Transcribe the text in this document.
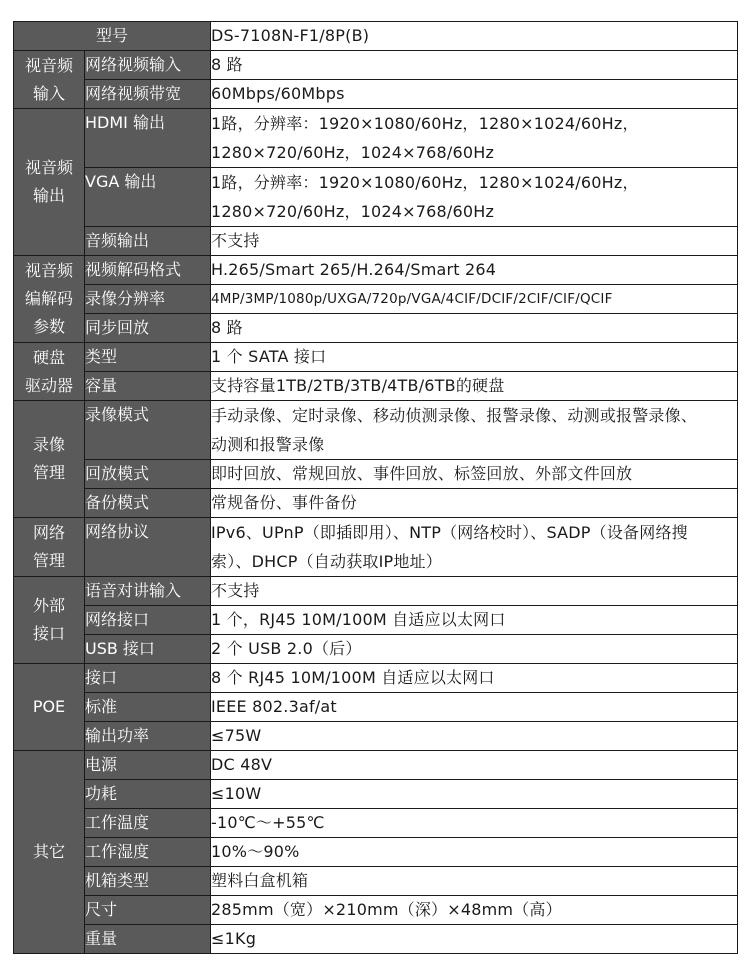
型号		DS-7108N-F1/8P(B)
视音频
输入	网络视频输入	8 路
	网络视频带宽	60Mbps/60Mbps
视音频
输出	HDMI 输出	1路，分辨率：1920×1080/60Hz，1280×1024/60Hz，
1280×720/60Hz，1024×768/60Hz
	VGA 输出	1路，分辨率：1920×1080/60Hz，1280×1024/60Hz，
1280×720/60Hz，1024×768/60Hz
	音频输出	不支持
视音频
编解码
参数	视频解码格式	H.265/Smart 265/H.264/Smart 264
	录像分辨率	4MP/3MP/1080p/UXGA/720p/VGA/4CIF/DCIF/2CIF/CIF/QCIF
	同步回放	8 路
硬盘
驱动器	类型	1 个 SATA 接口
	容量	支持容量1TB/2TB/3TB/4TB/6TB的硬盘
录像
管理	录像模式	手动录像、定时录像、移动侦测录像、报警录像、动测或报警录像、
动测和报警录像
	回放模式	即时回放、常规回放、事件回放、标签回放、外部文件回放
	备份模式	常规备份、事件备份
网络
管理	网络协议	IPv6、UPnP（即插即用）、NTP（网络校时）、SADP（设备网络搜
索）、DHCP（自动获取IP地址）
外部
接口	语音对讲输入	不支持
	网络接口	1 个，RJ45 10M/100M 自适应以太网口
	USB 接口	2 个 USB 2.0（后）
POE	接口	8 个 RJ45 10M/100M 自适应以太网口
	标准	IEEE 802.3af/at
	输出功率	≤75W
其它	电源	DC 48V
	功耗	≤10W
	工作温度	-10℃～+55℃
	工作湿度	10%～90%
	机箱类型	塑料白盒机箱
	尺寸	285mm（宽）×210mm（深）×48mm（高）
	重量	≤1Kg
